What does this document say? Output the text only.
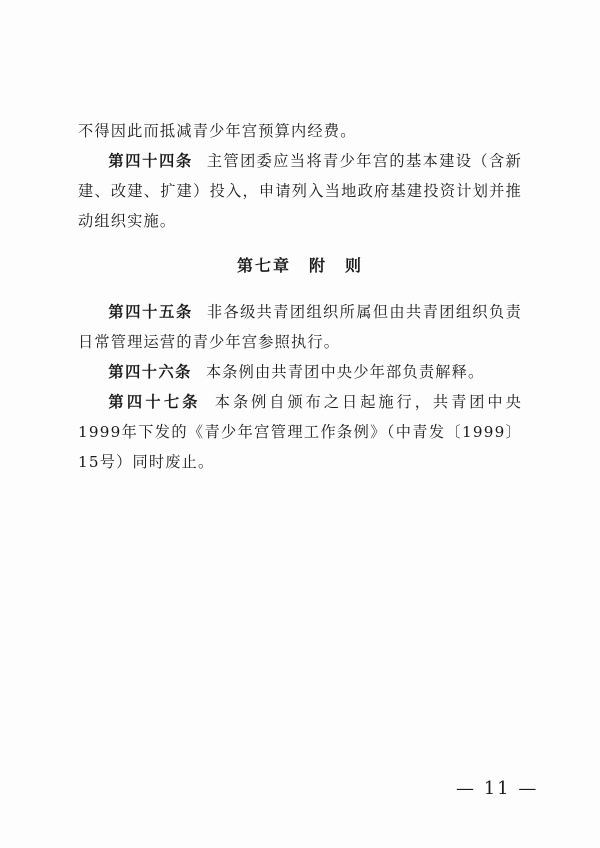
不得因此而抵减青少年宫预算内经费。

第四十四条 主管团委应当将青少年宫的基本建设（含新建、改建、扩建）投入，申请列入当地政府基建投资计划并推动组织实施。

第七章 附　则

第四十五条 非各级共青团组织所属但由共青团组织负责日常管理运营的青少年宫参照执行。

第四十六条 本条例由共青团中央少年部负责解释。

第四十七条 本条例自颁布之日起施行，共青团中央1999年下发的《青少年宫管理工作条例》（中青发〔1999〕15号）同时废止。

— 11 —
